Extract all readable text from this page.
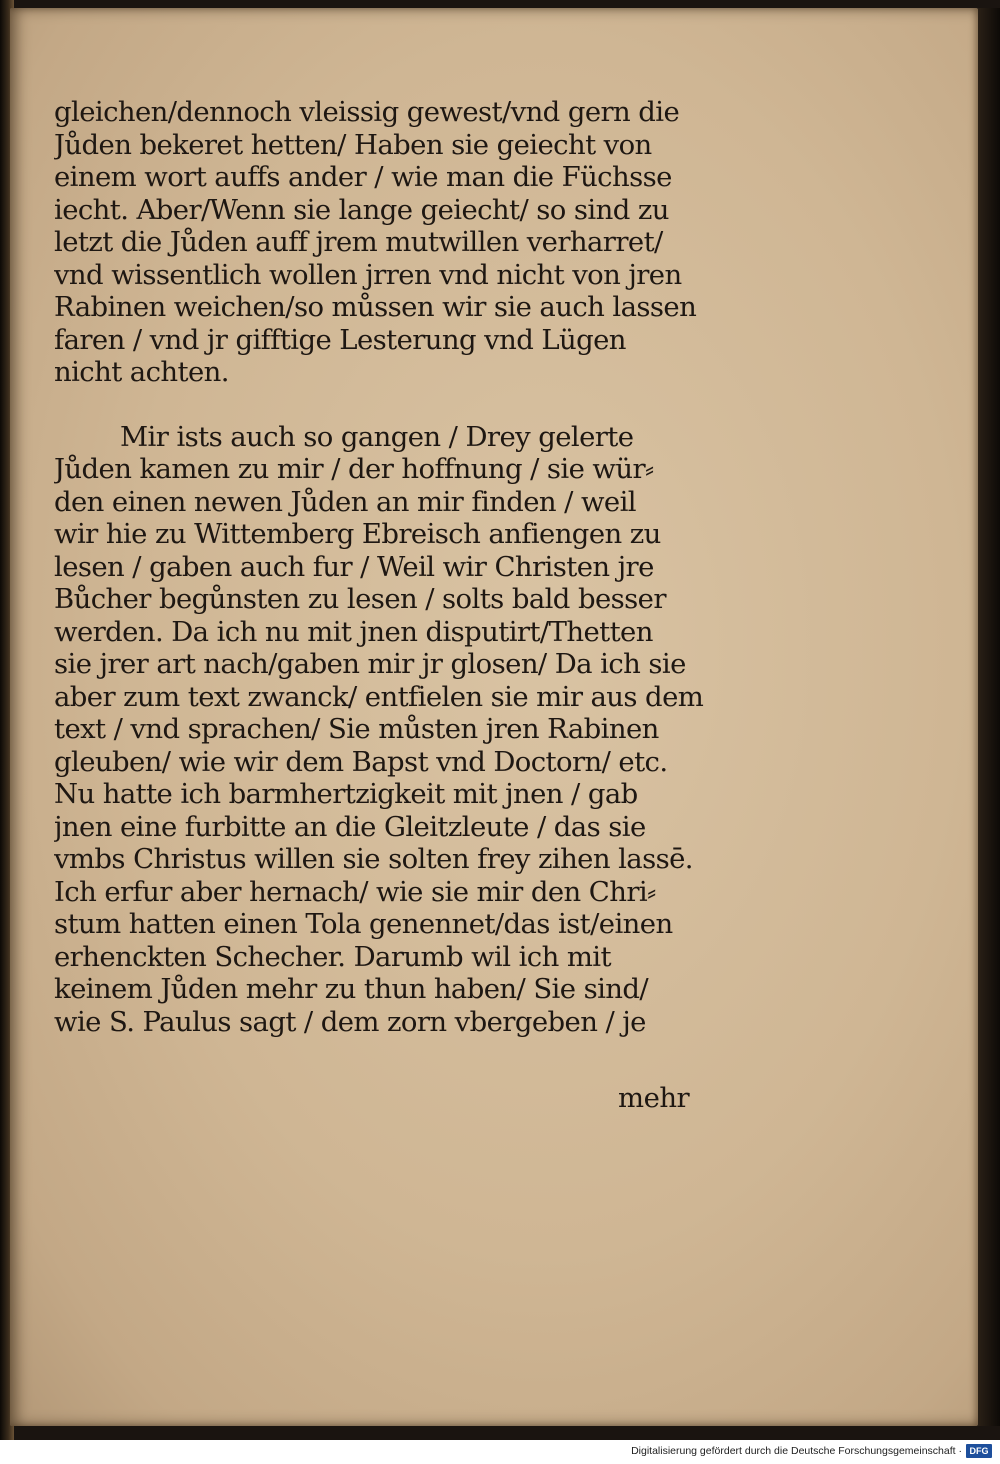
gleichen/dennoch vleissig gewest/vnd gern die
Jůden bekeret hetten/ Haben sie geiecht von
einem wort auffs ander / wie man die Füchsse
iecht. Aber/Wenn sie lange geiecht/ so sind zu
letzt die Jůden auff jrem mutwillen verharret/
vnd wissentlich wollen jrren vnd nicht von jren
Rabinen weichen/so můssen wir sie auch lassen
faren / vnd jr gifftige Lesterung vnd Lügen
nicht achten.
Mir ists auch so gangen / Drey gelerte
Jůden kamen zu mir / der hoffnung / sie wür⸗
den einen newen Jůden an mir finden / weil
wir hie zu Wittemberg Ebreisch anfiengen zu
lesen / gaben auch fur / Weil wir Christen jre
Bůcher begůnsten zu lesen / solts bald besser
werden. Da ich nu mit jnen disputirt/Thetten
sie jrer art nach/gaben mir jr glosen/ Da ich sie
aber zum text zwanck/ entfielen sie mir aus dem
text / vnd sprachen/ Sie můsten jren Rabinen
gleuben/ wie wir dem Bapst vnd Doctorn/ etc.
Nu hatte ich barmhertzigkeit mit jnen / gab
jnen eine furbitte an die Gleitzleute / das sie
vmbs Christus willen sie solten frey zihen lassē.
Ich erfur aber hernach/ wie sie mir den Chri⸗
stum hatten einen Tola genennet/das ist/einen
erhenckten Schecher. Darumb wil ich mit
keinem Jůden mehr zu thun haben/ Sie sind/
wie S. Paulus sagt / dem zorn vbergeben / je
mehr
Digitalisierung gefördert durch die Deutsche Forschungsgemeinschaft · DFG
